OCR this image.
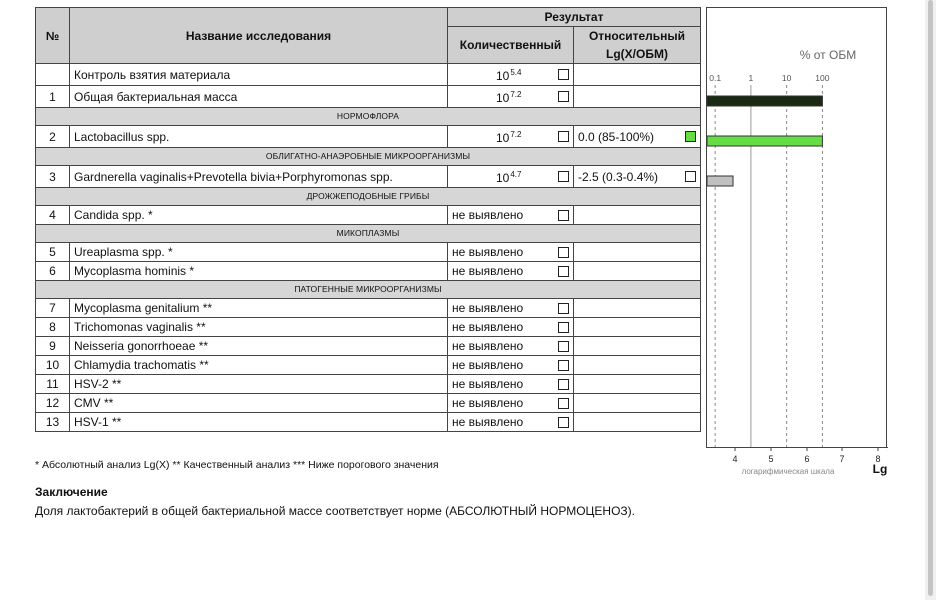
№	Название исследования	Результат	
		Количественный	Относительный
Lg(X/ОБМ)

	Контроль взятия материала	$10^{5.4}$

1	Общая бактериальная масса	$10^{7.2}$

НОРМОФЛОРА			
2	Lactobacillus spp.	$10^{7.2}$	0.0 (85-100%)

ОБЛИГАТНО-АНАЭРОБНЫЕ МИКРООРГАНИЗМЫ			
3	Gardnerella vaginalis+Prevotella bivia+Porphyromonas spp.	$10^{4.7}$	-2.5 (0.3-0.4%)

ДРОЖЖЕПОДОБНЫЕ ГРИБЫ			
4	Candida spp. *	не выявлено	

МИКОПЛАЗМЫ			
5	Ureaplasma spp. *	не выявлено	

6	Mycoplasma hominis *	не выявлено	

ПАТОГЕННЫЕ МИКРООРГАНИЗМЫ			
7	Mycoplasma genitalium **	не выявлено	

8	Trichomonas vaginalis **	не выявлено	

9	Neisseria gonorrhoeae **	не выявлено	

10	Chlamydia trachomatis **	не выявлено	

11	HSV-2 **	не выявлено	

12	CMV **	не выявлено	

13	HSV-1 **	не выявлено	

% от ОБМ
0.1	1	10	100
4	5	6	7	8
логарифмическая шкала	Lg
* Абсолютный анализ Lg(X) ** Качественный анализ *** Ниже порогового значения
Заключение
Доля лактобактерий в общей бактериальной массе соответствует норме (АБСОЛЮТНЫЙ НОРМОЦЕНОЗ).
